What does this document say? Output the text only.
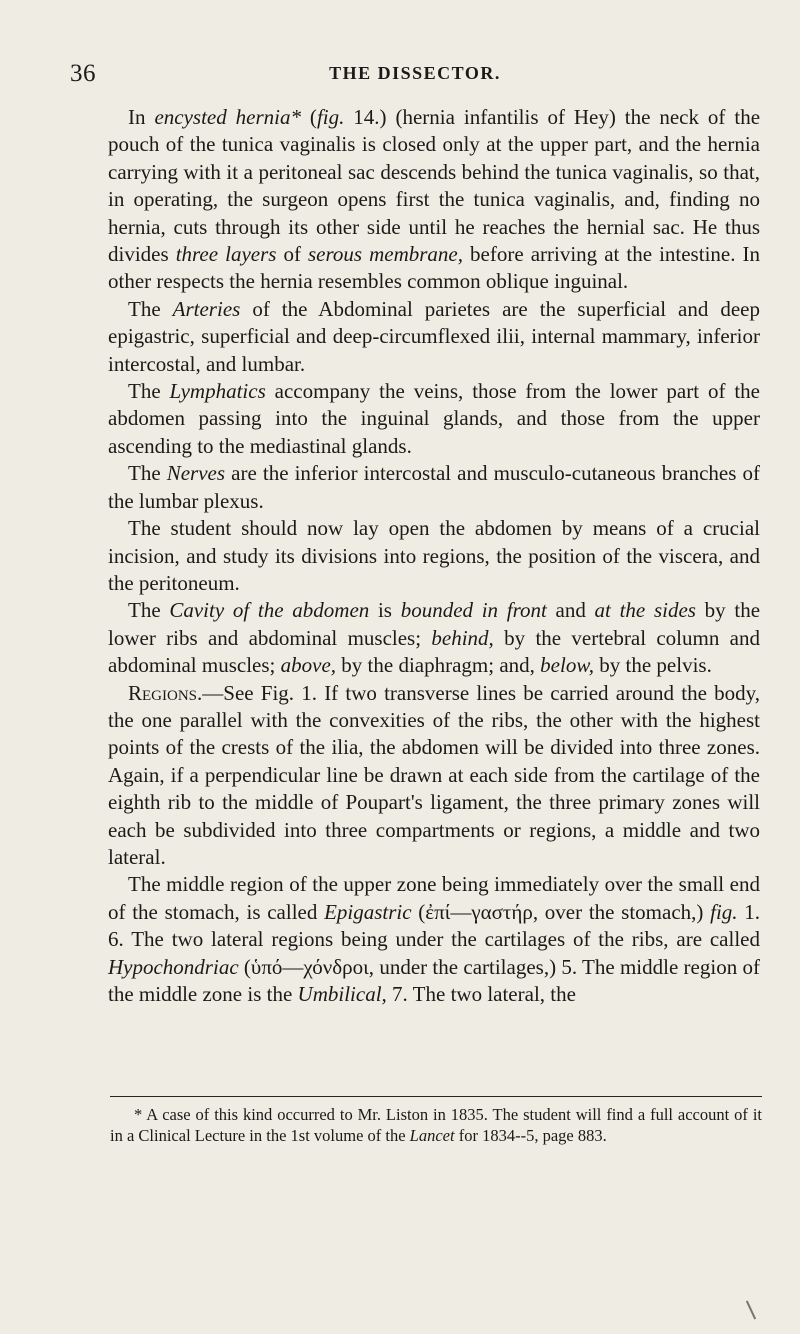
36	THE DISSECTOR.

In encysted hernia* (fig. 14.) (hernia infantilis of Hey) the neck of the pouch of the tunica vaginalis is closed only at the upper part, and the hernia carrying with it a peritoneal sac descends behind the tunica vaginalis, so that, in operating, the surgeon opens first the tunica vaginalis, and, finding no hernia, cuts through its other side until he reaches the hernial sac. He thus divides three layers of serous membrane, before arriving at the intestine. In other respects the hernia resembles common oblique inguinal.

The Arteries of the Abdominal parietes are the superficial and deep epigastric, superficial and deep-circumflexed ilii, internal mammary, inferior intercostal, and lumbar.

The Lymphatics accompany the veins, those from the lower part of the abdomen passing into the inguinal glands, and those from the upper ascending to the mediastinal glands.

The Nerves are the inferior intercostal and musculo-cutaneous branches of the lumbar plexus.

The student should now lay open the abdomen by means of a crucial incision, and study its divisions into regions, the position of the viscera, and the peritoneum.

The Cavity of the abdomen is bounded in front and at the sides by the lower ribs and abdominal muscles; behind, by the vertebral column and abdominal muscles; above, by the diaphragm; and, below, by the pelvis.

Regions.—See Fig. 1. If two transverse lines be carried around the body, the one parallel with the convexities of the ribs, the other with the highest points of the crests of the ilia, the abdomen will be divided into three zones. Again, if a perpendicular line be drawn at each side from the cartilage of the eighth rib to the middle of Poupart's ligament, the three primary zones will each be subdivided into three compartments or regions, a middle and two lateral.

The middle region of the upper zone being immediately over the small end of the stomach, is called Epigastric (ἐπί—γαστήρ, over the stomach,) fig. 1. 6. The two lateral regions being under the cartilages of the ribs, are called Hypochondriac (ὑπό—χόνδροι, under the cartilages,) 5. The middle region of the middle zone is the Umbilical, 7. The two lateral, the

* A case of this kind occurred to Mr. Liston in 1835. The student will find a full account of it in a Clinical Lecture in the 1st volume of the Lancet for 1834--5, page 883.
